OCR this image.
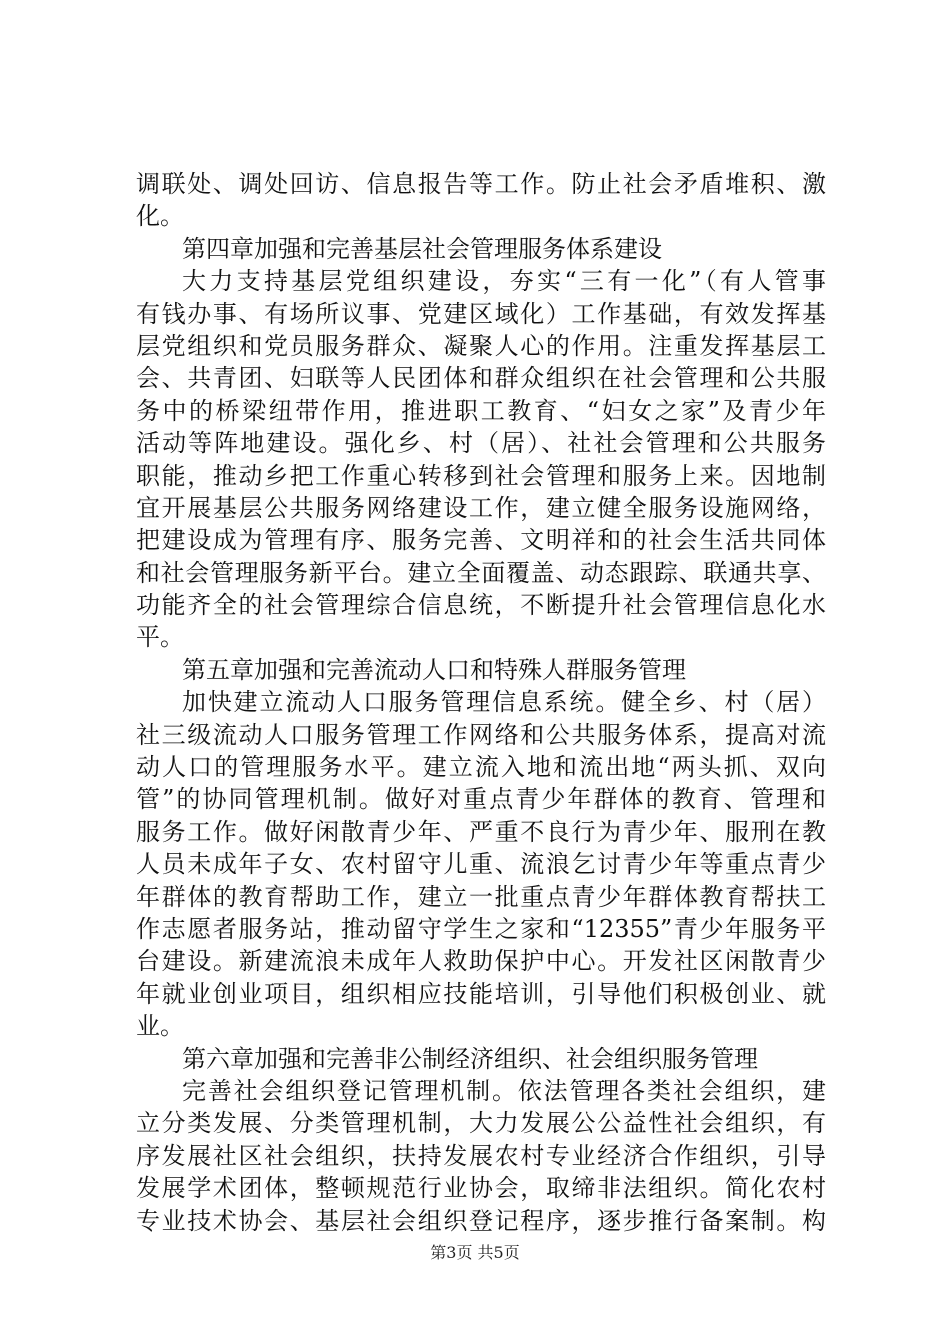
调联处、调处回访、信息报告等工作。防止社会矛盾堆积、激
化。
第四章加强和完善基层社会管理服务体系建设
大力支持基层党组织建设，夯实“三有一化”（有人管事
有钱办事、有场所议事、党建区域化）工作基础，有效发挥基
层党组织和党员服务群众、凝聚人心的作用。注重发挥基层工
会、共青团、妇联等人民团体和群众组织在社会管理和公共服
务中的桥梁纽带作用，推进职工教育、“妇女之家”及青少年
活动等阵地建设。强化乡、村（居）、社社会管理和公共服务
职能，推动乡把工作重心转移到社会管理和服务上来。因地制
宜开展基层公共服务网络建设工作，建立健全服务设施网络，
把建设成为管理有序、服务完善、文明祥和的社会生活共同体
和社会管理服务新平台。建立全面覆盖、动态跟踪、联通共享、
功能齐全的社会管理综合信息统，不断提升社会管理信息化水
平。
第五章加强和完善流动人口和特殊人群服务管理
加快建立流动人口服务管理信息系统。健全乡、村（居）
社三级流动人口服务管理工作网络和公共服务体系，提高对流
动人口的管理服务水平。建立流入地和流出地“两头抓、双向
管”的协同管理机制。做好对重点青少年群体的教育、管理和
服务工作。做好闲散青少年、严重不良行为青少年、服刑在教
人员未成年子女、农村留守儿重、流浪乞讨青少年等重点青少
年群体的教育帮助工作，建立一批重点青少年群体教育帮扶工
作志愿者服务站，推动留守学生之家和“12355”青少年服务平
台建设。新建流浪未成年人救助保护中心。开发社区闲散青少
年就业创业项目，组织相应技能培训，引导他们积极创业、就
业。
第六章加强和完善非公制经济组织、社会组织服务管理
完善社会组织登记管理机制。依法管理各类社会组织，建
立分类发展、分类管理机制，大力发展公公益性社会组织，有
序发展社区社会组织，扶持发展农村专业经济合作组织，引导
发展学术团体，整顿规范行业协会，取缔非法组织。简化农村
专业技术协会、基层社会组织登记程序，逐步推行备案制。构
第3页 共5页
